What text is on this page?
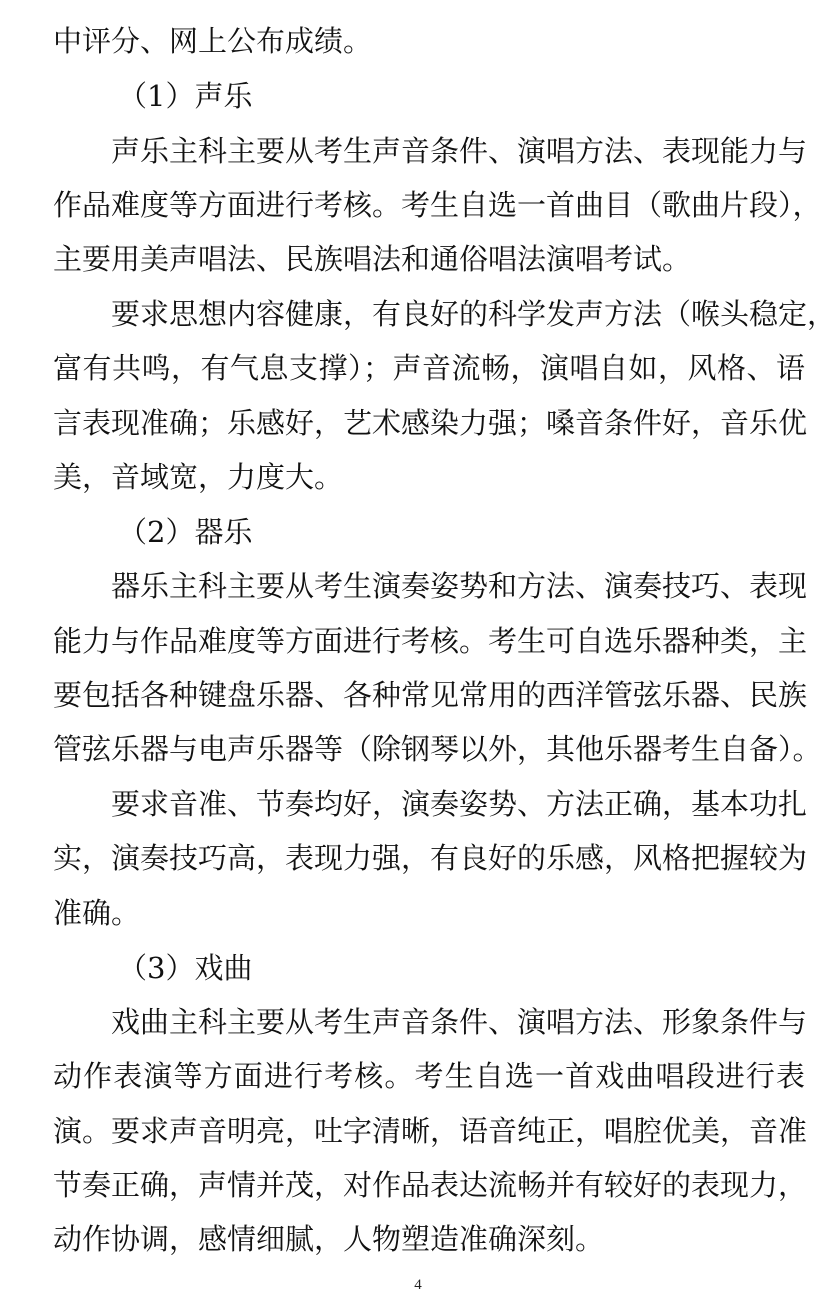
中评分、网上公布成绩。
（1）声乐
声乐主科主要从考生声音条件、演唱方法、表现能力与
作品难度等方面进行考核。考生自选一首曲目（歌曲片段），
主要用美声唱法、民族唱法和通俗唱法演唱考试。
要求思想内容健康，有良好的科学发声方法（喉头稳定，
富有共鸣，有气息支撑）；声音流畅，演唱自如，风格、语
言表现准确；乐感好，艺术感染力强；嗓音条件好，音乐优
美，音域宽，力度大。
（2）器乐
器乐主科主要从考生演奏姿势和方法、演奏技巧、表现
能力与作品难度等方面进行考核。考生可自选乐器种类，主
要包括各种键盘乐器、各种常见常用的西洋管弦乐器、民族
管弦乐器与电声乐器等（除钢琴以外，其他乐器考生自备）。
要求音准、节奏均好，演奏姿势、方法正确，基本功扎
实，演奏技巧高，表现力强，有良好的乐感，风格把握较为
准确。
（3）戏曲
戏曲主科主要从考生声音条件、演唱方法、形象条件与
动作表演等方面进行考核。考生自选一首戏曲唱段进行表
演。要求声音明亮，吐字清晰，语音纯正，唱腔优美，音准
节奏正确，声情并茂，对作品表达流畅并有较好的表现力，
动作协调，感情细腻，人物塑造准确深刻。
4
